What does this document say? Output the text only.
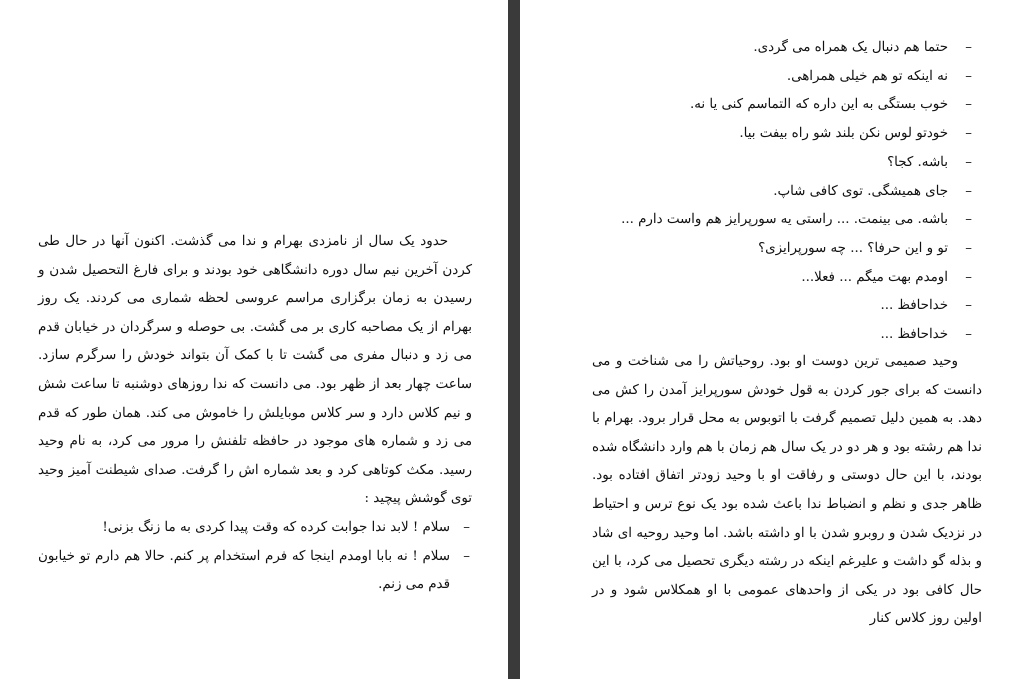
حدود یک سال از نامزدی بهرام و ندا می گذشت. اکنون آنها در حال طی کردن آخرین نیم سال دوره دانشگاهی خود بودند و برای فارغ التحصیل شدن و رسیدن به زمان برگزاری مراسم عروسی لحظه شماری می کردند. یک روز بهرام از یک مصاحبه کاری بر می گشت. بی حوصله و سرگردان در خیابان قدم می زد و دنبال مفری می گشت تا با کمک آن بتواند خودش را سرگرم سازد. ساعت چهار بعد از ظهر بود. می دانست که ندا روزهای دوشنبه تا ساعت شش و نیم کلاس دارد و سر کلاس موبایلش را خاموش می کند. همان طور که قدم می زد و شماره های موجود در حافظه تلفنش را مرور می کرد، به نام وحید رسید. مکث کوتاهی کرد و بعد شماره اش را گرفت. صدای شیطنت آمیز وحید توی گوشش پیچید :

– سلام ! لابد ندا جوابت کرده که وقت پیدا کردی به ما زنگ بزنی!
– سلام ! نه بابا اومدم اینجا که فرم استخدام پر کنم. حالا هم دارم تو خیابون قدم می زنم.
– حتما هم دنبال یک همراه می گردی.
– نه اینکه تو هم خیلی همراهی.
– خوب بستگی به این داره که التماسم کنی یا نه.
– خودتو لوس نکن بلند شو راه بیفت بیا.
– باشه. کجا؟
– جای همیشگی. توی کافی شاپ.
– باشه. می بینمت. ... راستی یه سورپرایز هم واست دارم ...
– تو و این حرفا؟ ... چه سورپرایزی؟
– اومدم بهت میگم ... فعلا...
– خداحافظ ...
– خداحافظ ...

وحید صمیمی ترین دوست او بود. روحیاتش را می شناخت و می دانست که برای جور کردن به قول خودش سورپرایز آمدن را کش می دهد. به همین دلیل تصمیم گرفت با اتوبوس به محل قرار برود. بهرام با ندا هم رشته بود و هر دو در یک سال هم زمان با هم وارد دانشگاه شده بودند، با این حال دوستی و رفاقت او با وحید زودتر اتفاق افتاده بود. ظاهر جدی و نظم و انضباط ندا باعث شده بود یک نوع ترس و احتیاط در نزدیک شدن و روبرو شدن با او داشته باشد. اما وحید روحیه ای شاد و بذله گو داشت و علیرغم اینکه در رشته دیگری تحصیل می کرد، با این حال کافی بود در یکی از واحدهای عمومی با او همکلاس شود و در اولین روز کلاس کنار
